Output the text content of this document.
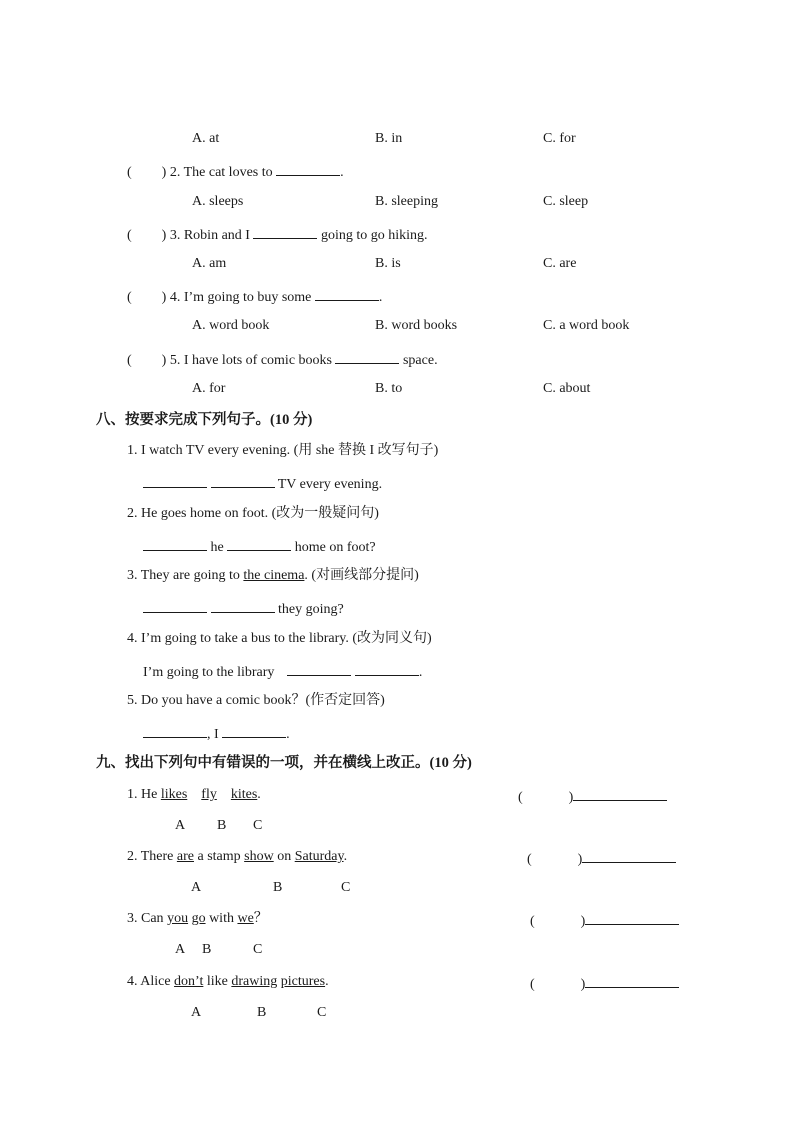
A. at	B. in	C. for
( ) 2. The cat loves to	.
A. sleeps	B. sleeping	C. sleep
( ) 3. Robin and I	going to go hiking.
A. am	B. is	C. are
( ) 4. I’m going to buy some	.
A. word book	B. word books	C. a word book
( ) 5. I have lots of comic books	space.
A. for	B. to	C. about
八、按要求完成下列句子。(10 分)
1. I watch TV every evening. (用 she 替换 I 改写句子)
TV every evening.
2. He goes home on foot. (改为一般疑问句)
he	home on foot?
3. They are going to the cinema. (对画线部分提问)
they going?
4. I’m going to take a bus to the library. (改为同义句)
I’m going to the library	.
5. Do you have a comic book？(作否定回答)
, I	.
九、找出下列句中有错误的一项，并在横线上改正。(10 分)
1. He likes fly kites.	(	)
A B C
2. There are a stamp show on Saturday.	(	)
A	B	C
3. Can you go with we？	(	)
A B	C
4. Alice don’t like drawing pictures.	(	)
A	B	C
